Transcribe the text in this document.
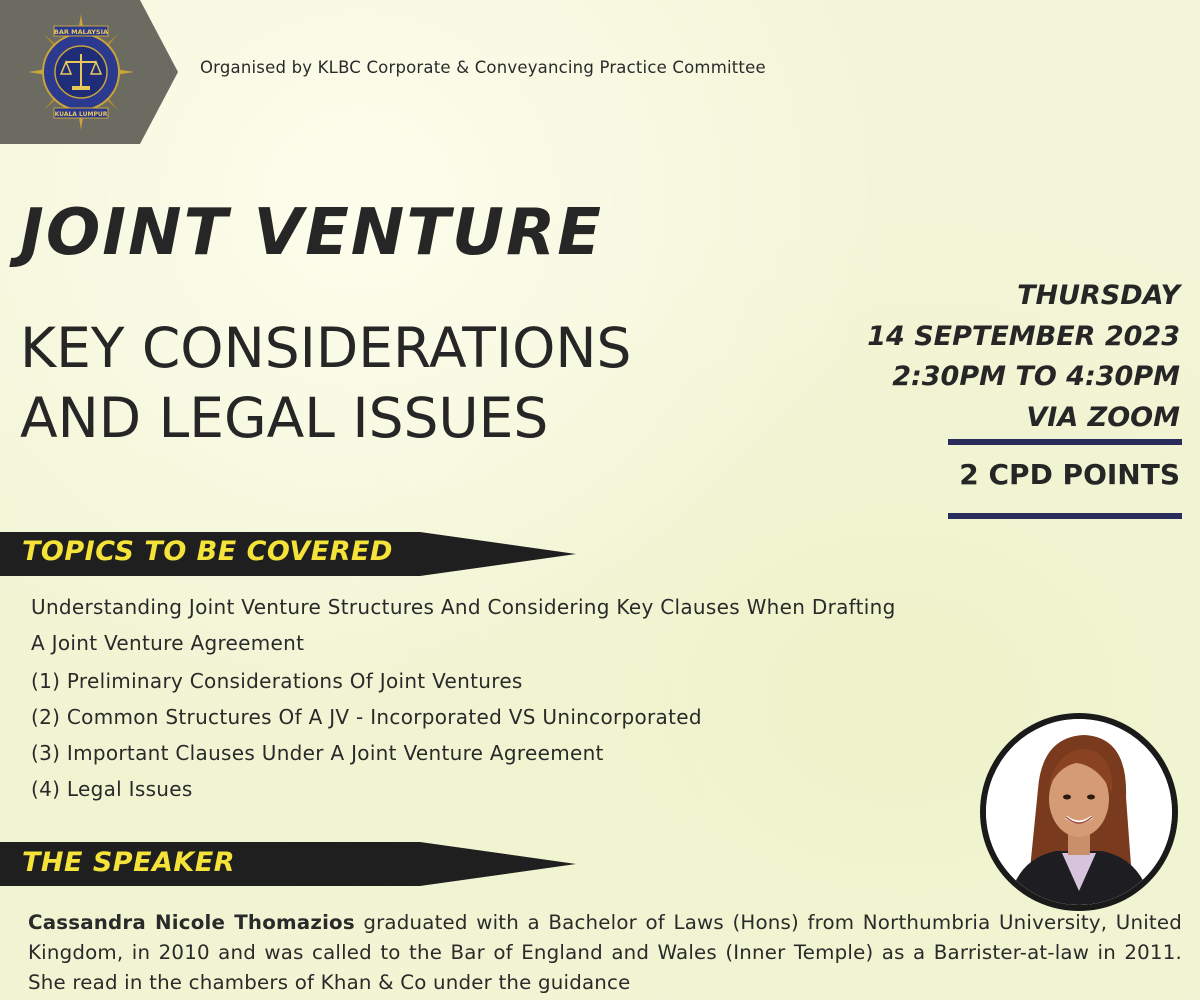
BAR MALAYSIA
KUALA LUMPUR
Organised by KLBC Corporate & Conveyancing Practice Committee
JOINT VENTURE
KEY CONSIDERATIONS
AND LEGAL ISSUES
THURSDAY
14 SEPTEMBER 2023
2:30PM TO 4:30PM
VIA ZOOM
2 CPD POINTS
TOPICS TO BE COVERED
Understanding Joint Venture Structures And Considering Key Clauses When Drafting
A Joint Venture Agreement
(1) Preliminary Considerations Of Joint Ventures
(2) Common Structures Of A JV - Incorporated VS Unincorporated
(3) Important Clauses Under A Joint Venture Agreement
(4) Legal Issues
THE SPEAKER
Cassandra Nicole Thomazios graduated with a Bachelor of Laws (Hons) from Northumbria University, United Kingdom, in 2010 and was called to the Bar of England and Wales (Inner Temple) as a Barrister-at-law in 2011. She read in the chambers of Khan & Co under the guidance
